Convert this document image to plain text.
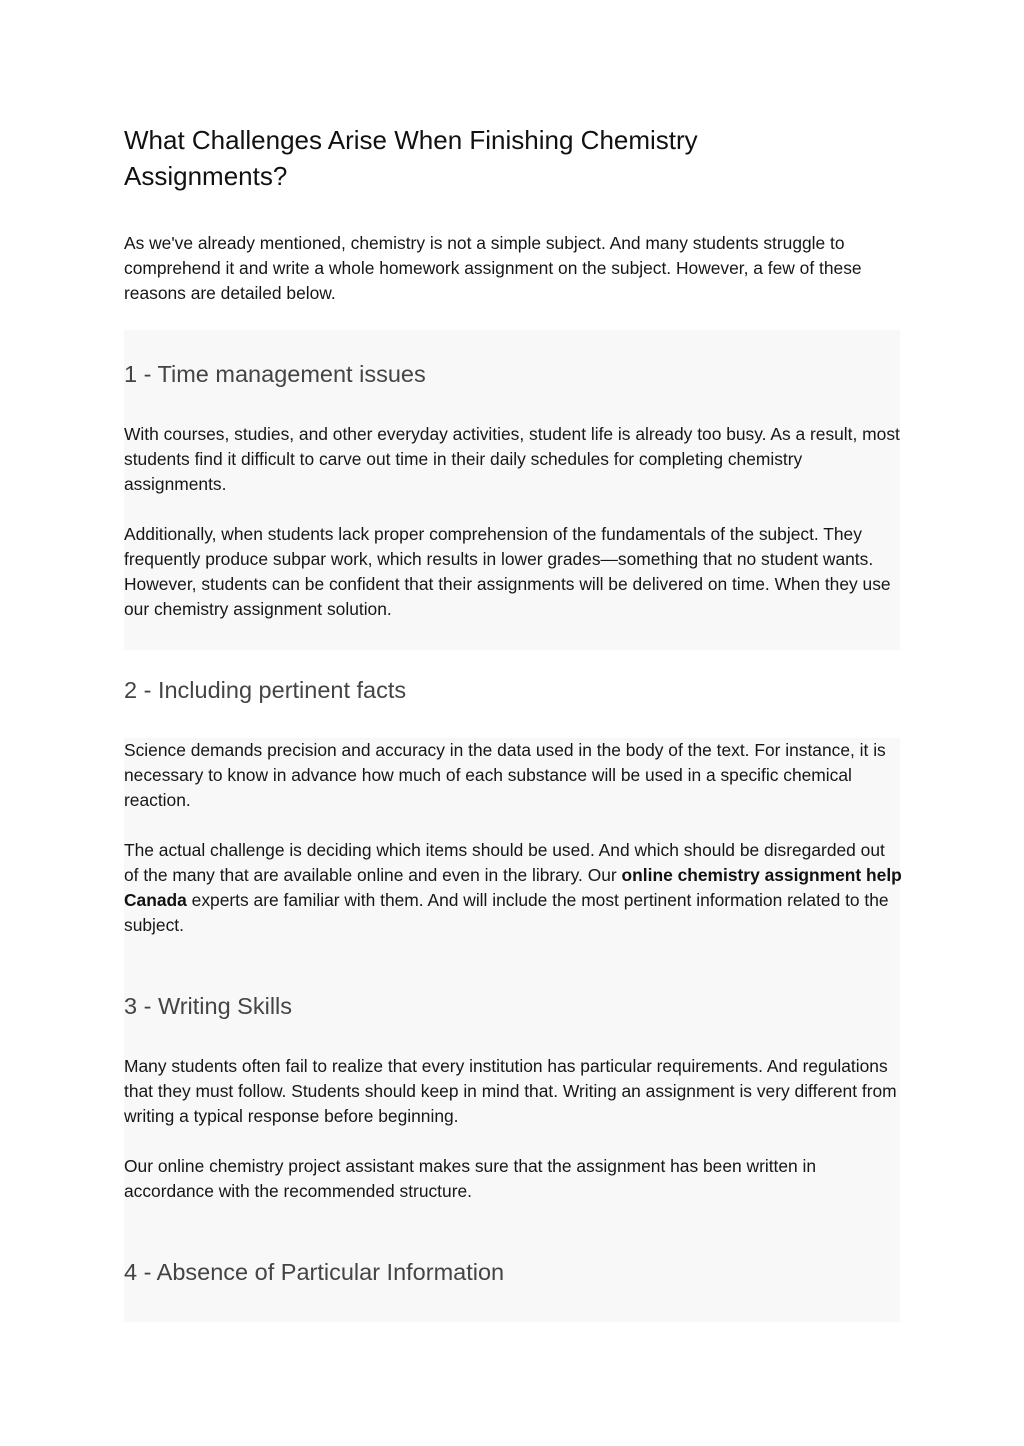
What Challenges Arise When Finishing Chemistry Assignments?

As we've already mentioned, chemistry is not a simple subject. And many students struggle to comprehend it and write a whole homework assignment on the subject. However, a few of these reasons are detailed below.

1 - Time management issues

With courses, studies, and other everyday activities, student life is already too busy. As a result, most students find it difficult to carve out time in their daily schedules for completing chemistry assignments.

Additionally, when students lack proper comprehension of the fundamentals of the subject. They frequently produce subpar work, which results in lower grades—something that no student wants. However, students can be confident that their assignments will be delivered on time. When they use our chemistry assignment solution.

2 - Including pertinent facts

Science demands precision and accuracy in the data used in the body of the text. For instance, it is necessary to know in advance how much of each substance will be used in a specific chemical reaction.

The actual challenge is deciding which items should be used. And which should be disregarded out of the many that are available online and even in the library. Our online chemistry assignment help Canada experts are familiar with them. And will include the most pertinent information related to the subject.

3 - Writing Skills

Many students often fail to realize that every institution has particular requirements. And regulations that they must follow. Students should keep in mind that. Writing an assignment is very different from writing a typical response before beginning.

Our online chemistry project assistant makes sure that the assignment has been written in accordance with the recommended structure.

4 - Absence of Particular Information
